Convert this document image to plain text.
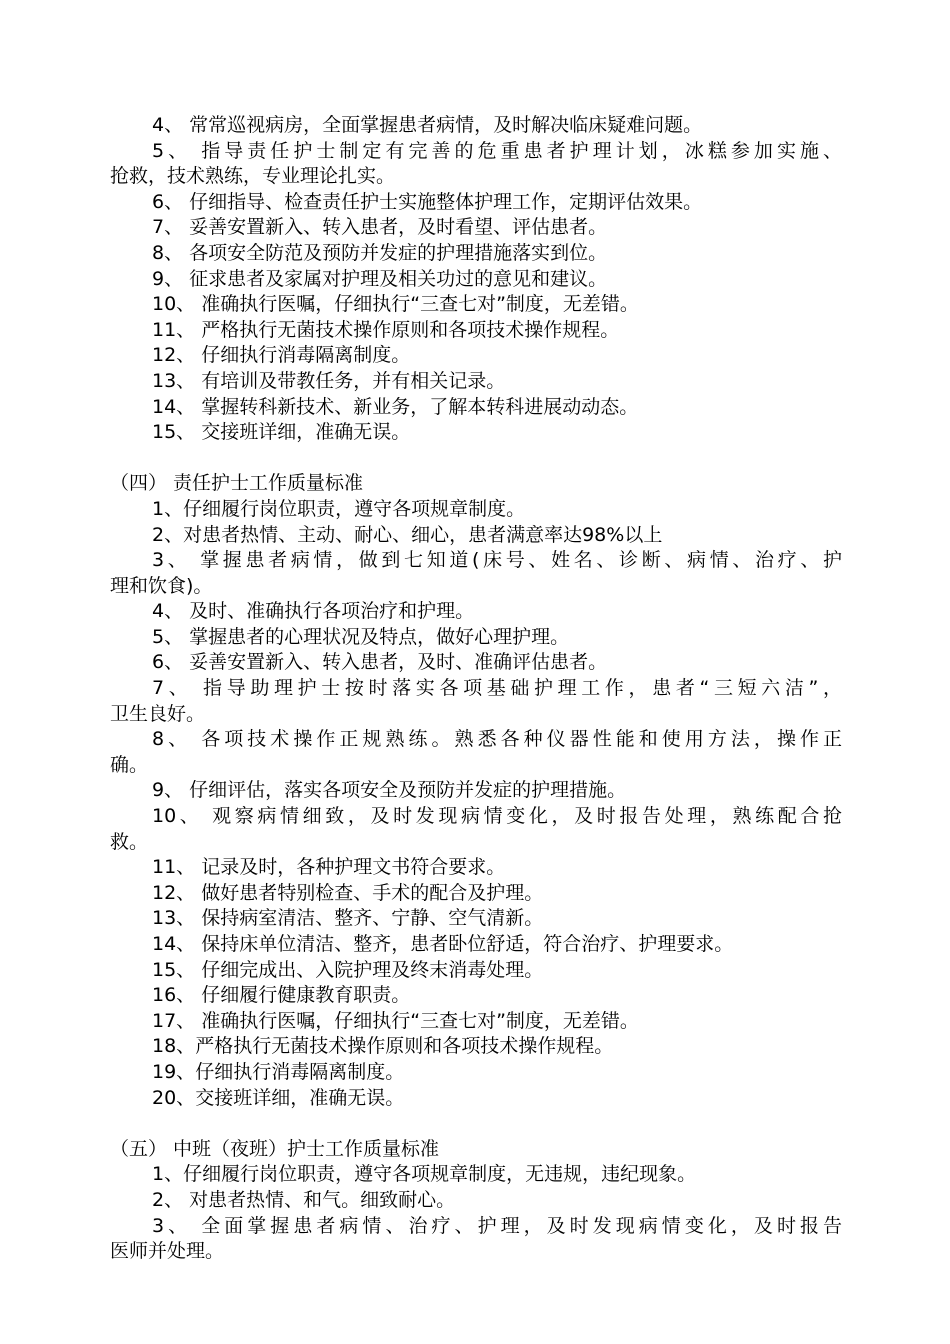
4、 常常巡视病房，全面掌握患者病情，及时解决临床疑难问题。
5、 指导责任护士制定有完善的危重患者护理计划，冰糕参加实施、
抢救，技术熟练，专业理论扎实。
6、 仔细指导、检查责任护士实施整体护理工作，定期评估效果。
7、 妥善安置新入、转入患者，及时看望、评估患者。
8、 各项安全防范及预防并发症的护理措施落实到位。
9、 征求患者及家属对护理及相关功过的意见和建议。
10、 准确执行医嘱，仔细执行“三查七对”制度，无差错。
11、 严格执行无菌技术操作原则和各项技术操作规程。
12、 仔细执行消毒隔离制度。
13、 有培训及带教任务，并有相关记录。
14、 掌握转科新技术、新业务，了解本转科进展动动态。
15、 交接班详细，准确无误。
（四） 责任护士工作质量标准
1、仔细履行岗位职责，遵守各项规章制度。
2、对患者热情、主动、耐心、细心，患者满意率达98%以上
3、 掌握患者病情，做到七知道(床号、姓名、诊断、病情、治疗、护
理和饮食)。
4、 及时、准确执行各项治疗和护理。
5、 掌握患者的心理状况及特点，做好心理护理。
6、 妥善安置新入、转入患者，及时、准确评估患者。
7、 指导助理护士按时落实各项基础护理工作，患者“三短六洁”，
卫生良好。
8、 各项技术操作正规熟练。熟悉各种仪器性能和使用方法，操作正
确。
9、 仔细评估，落实各项安全及预防并发症的护理措施。
10、 观察病情细致，及时发现病情变化，及时报告处理，熟练配合抢
救。
11、 记录及时，各种护理文书符合要求。
12、 做好患者特别检查、手术的配合及护理。
13、 保持病室清洁、整齐、宁静、空气清新。
14、 保持床单位清洁、整齐，患者卧位舒适，符合治疗、护理要求。
15、 仔细完成出、入院护理及终末消毒处理。
16、 仔细履行健康教育职责。
17、 准确执行医嘱，仔细执行“三查七对”制度，无差错。
18、严格执行无菌技术操作原则和各项技术操作规程。
19、仔细执行消毒隔离制度。
20、交接班详细，准确无误。
（五） 中班（夜班）护士工作质量标准
1、仔细履行岗位职责，遵守各项规章制度，无违规，违纪现象。
2、 对患者热情、和气。细致耐心。
3、 全面掌握患者病情、治疗、护理，及时发现病情变化，及时报告
医师并处理。
